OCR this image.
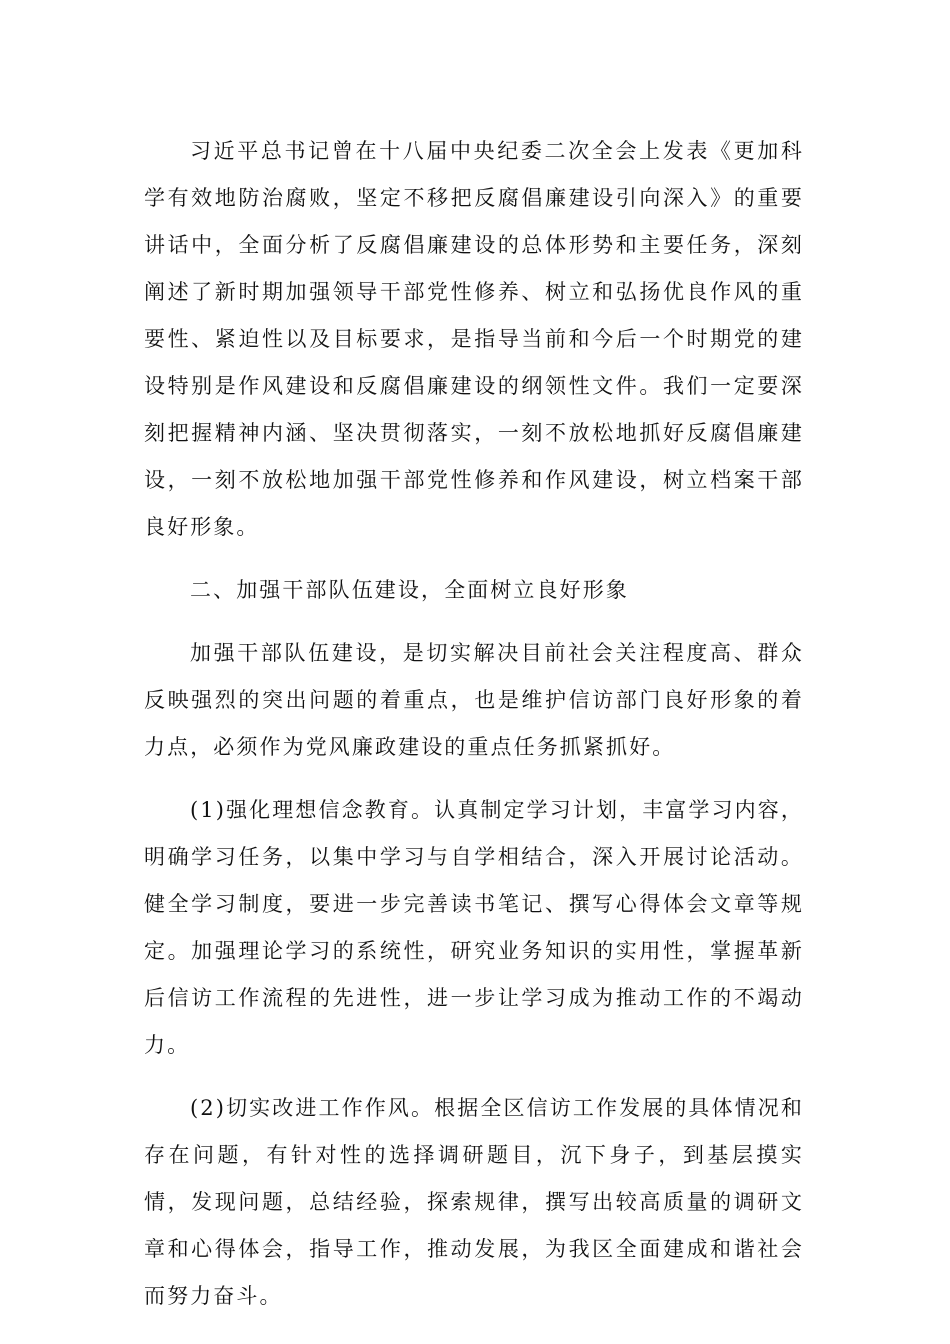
习近平总书记曾在十八届中央纪委二次全会上发表《更加科学有效地防治腐败，坚定不移把反腐倡廉建设引向深入》的重要讲话中，全面分析了反腐倡廉建设的总体形势和主要任务，深刻阐述了新时期加强领导干部党性修养、树立和弘扬优良作风的重要性、紧迫性以及目标要求，是指导当前和今后一个时期党的建设特别是作风建设和反腐倡廉建设的纲领性文件。我们一定要深刻把握精神内涵、坚决贯彻落实，一刻不放松地抓好反腐倡廉建设，一刻不放松地加强干部党性修养和作风建设，树立档案干部良好形象。

二、加强干部队伍建设，全面树立良好形象

加强干部队伍建设，是切实解决目前社会关注程度高、群众反映强烈的突出问题的着重点，也是维护信访部门良好形象的着力点，必须作为党风廉政建设的重点任务抓紧抓好。

(1)强化理想信念教育。认真制定学习计划，丰富学习内容，明确学习任务，以集中学习与自学相结合，深入开展讨论活动。健全学习制度，要进一步完善读书笔记、撰写心得体会文章等规定。加强理论学习的系统性，研究业务知识的实用性，掌握革新后信访工作流程的先进性，进一步让学习成为推动工作的不竭动力。

(2)切实改进工作作风。根据全区信访工作发展的具体情况和存在问题，有针对性的选择调研题目，沉下身子，到基层摸实情，发现问题，总结经验，探索规律，撰写出较高质量的调研文章和心得体会，指导工作，推动发展，为我区全面建成和谐社会而努力奋斗。
